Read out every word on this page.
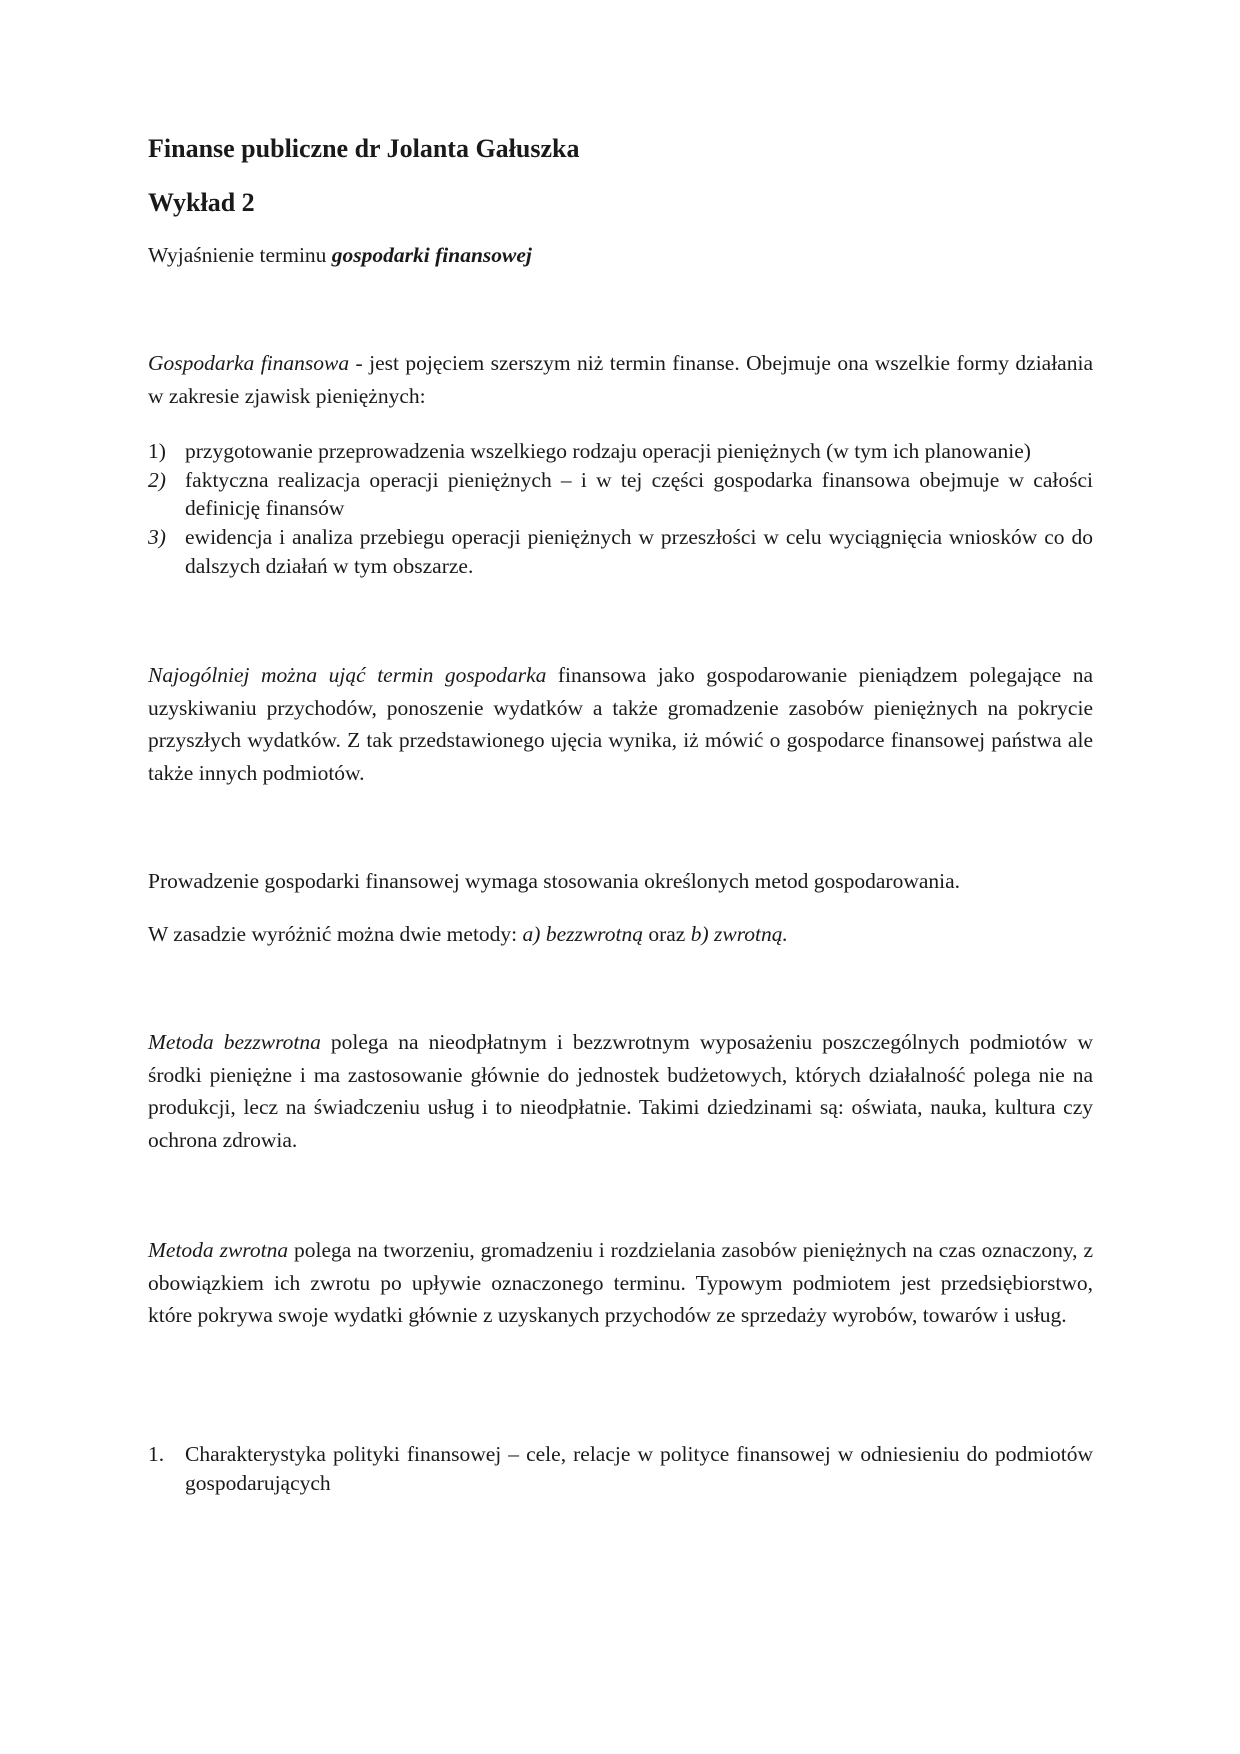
Finanse publiczne dr Jolanta Gałuszka
Wykład 2

Wyjaśnienie terminu gospodarki finansowej

Gospodarka finansowa - jest pojęciem szerszym niż termin finanse. Obejmuje ona wszelkie formy działania w zakresie zjawisk pieniężnych:

1) przygotowanie przeprowadzenia wszelkiego rodzaju operacji pieniężnych (w tym ich planowanie)
2) faktyczna realizacja operacji pieniężnych – i w tej części gospodarka finansowa obejmuje w całości definicję finansów
3) ewidencja i analiza przebiegu operacji pieniężnych w przeszłości w celu wyciągnięcia wniosków co do dalszych działań w tym obszarze.

Najogólniej można ująć termin gospodarka finansowa jako gospodarowanie pieniądzem polegające na uzyskiwaniu przychodów, ponoszenie wydatków a także gromadzenie zasobów pieniężnych na pokrycie przyszłych wydatków. Z tak przedstawionego ujęcia wynika, iż mówić o gospodarce finansowej państwa ale także innych podmiotów.

Prowadzenie gospodarki finansowej wymaga stosowania określonych metod gospodarowania.

W zasadzie wyróżnić można dwie metody: a) bezzwrotną oraz b) zwrotną.

Metoda bezzwrotna polega na nieodpłatnym i bezzwrotnym wyposażeniu poszczególnych podmiotów w środki pieniężne i ma zastosowanie głównie do jednostek budżetowych, których działalność polega nie na produkcji, lecz na świadczeniu usług i to nieodpłatnie. Takimi dziedzinami są: oświata, nauka, kultura czy ochrona zdrowia.

Metoda zwrotna polega na tworzeniu, gromadzeniu i rozdzielania zasobów pieniężnych na czas oznaczony, z obowiązkiem ich zwrotu po upływie oznaczonego terminu. Typowym podmiotem jest przedsiębiorstwo, które pokrywa swoje wydatki głównie z uzyskanych przychodów ze sprzedaży wyrobów, towarów i usług.

1. Charakterystyka polityki finansowej – cele, relacje w polityce finansowej w odniesieniu do podmiotów gospodarujących
